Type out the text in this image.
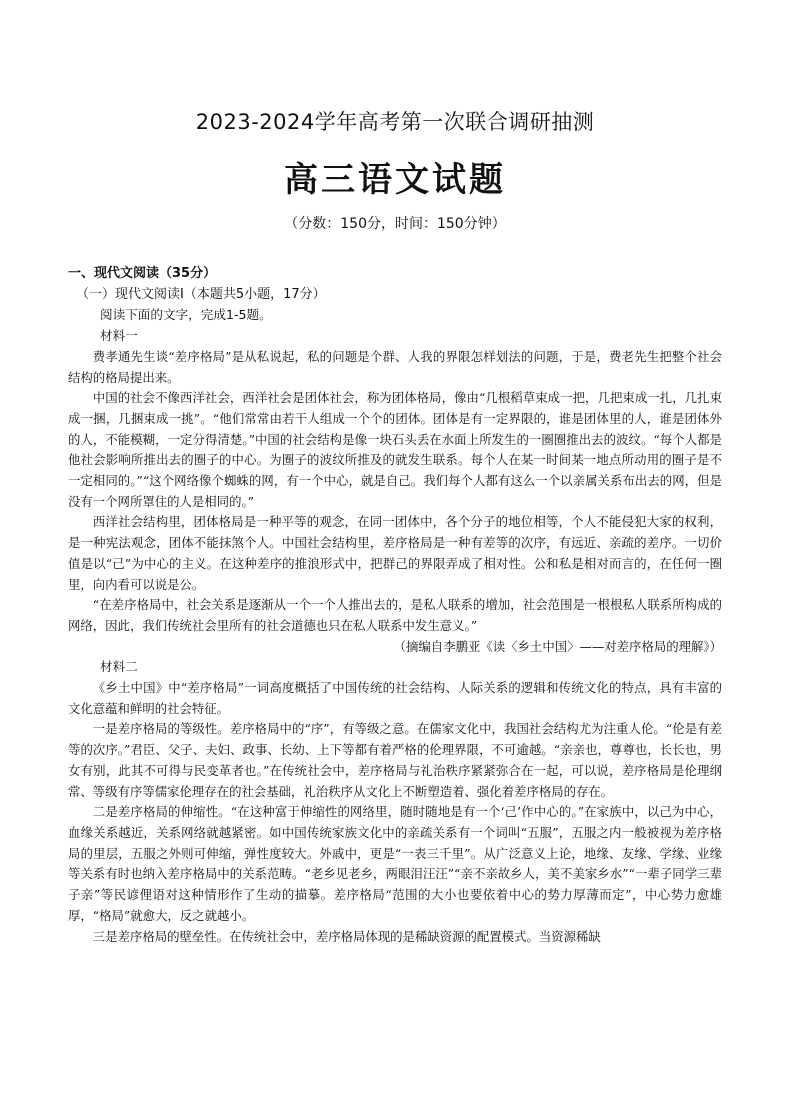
2023-2024学年高考第一次联合调研抽测
高三语文试题
（分数：150分，时间：150分钟）

一、现代文阅读（35分）

（一）现代文阅读Ⅰ（本题共5小题，17分）

阅读下面的文字，完成1-5题。

材料一

费孝通先生谈“差序格局”是从私说起，私的问题是个群、人我的界限怎样划法的问题，于是，费老先生把整个社会结构的格局提出来。

中国的社会不像西洋社会，西洋社会是团体社会，称为团体格局，像由“几根稻草束成一把，几把束成一扎，几扎束成一捆，几捆束成一挑”。“他们常常由若干人组成一个个的团体。团体是有一定界限的，谁是团体里的人，谁是团体外的人，不能模糊，一定分得清楚。”中国的社会结构是像一块石头丢在水面上所发生的一圈圈推出去的波纹。“每个人都是他社会影响所推出去的圈子的中心。为圈子的波纹所推及的就发生联系。每个人在某一时间某一地点所动用的圈子是不一定相同的。”“这个网络像个蜘蛛的网，有一个中心，就是自己。我们每个人都有这么一个以亲属关系布出去的网，但是没有一个网所罩住的人是相同的。”

西洋社会结构里，团体格局是一种平等的观念，在同一团体中，各个分子的地位相等，个人不能侵犯大家的权利，是一种宪法观念，团体不能抹煞个人。中国社会结构里，差序格局是一种有差等的次序，有远近、亲疏的差序。一切价值是以“己”为中心的主义。在这种差序的推浪形式中，把群己的界限弄成了相对性。公和私是相对而言的，在任何一圈里，向内看可以说是公。

“在差序格局中，社会关系是逐渐从一个一个人推出去的，是私人联系的增加，社会范围是一根根私人联系所构成的网络，因此，我们传统社会里所有的社会道德也只在私人联系中发生意义。”

（摘编自李鹏亚《读〈乡土中国〉——对差序格局的理解》）

材料二

《乡土中国》中“差序格局”一词高度概括了中国传统的社会结构、人际关系的逻辑和传统文化的特点，具有丰富的文化意蕴和鲜明的社会特征。

一是差序格局的等级性。差序格局中的“序”，有等级之意。在儒家文化中，我国社会结构尤为注重人伦。“伦是有差等的次序。”君臣、父子、夫妇、政事、长幼、上下等都有着严格的伦理界限，不可逾越。“亲亲也，尊尊也，长长也，男女有别，此其不可得与民变革者也。”在传统社会中，差序格局与礼治秩序紧紧弥合在一起，可以说，差序格局是伦理纲常、等级有序等儒家伦理存在的社会基础，礼治秩序从文化上不断塑造着、强化着差序格局的存在。

二是差序格局的伸缩性。“在这种富于伸缩性的网络里，随时随地是有一个‘己’作中心的。”在家族中，以己为中心，血缘关系越近，关系网络就越紧密。如中国传统家族文化中的亲疏关系有一个词叫“五服”，五服之内一般被视为差序格局的里层，五服之外则可伸缩，弹性度较大。外戚中，更是“一表三千里”。从广泛意义上论，地缘、友缘、学缘、业缘等关系有时也纳入差序格局中的关系范畴。“老乡见老乡，两眼泪汪汪”“亲不亲故乡人，美不美家乡水”“一辈子同学三辈子亲”等民谚俚语对这种情形作了生动的描摹。差序格局“范围的大小也要依着中心的势力厚薄而定”，中心势力愈雄厚，“格局”就愈大，反之就越小。

三是差序格局的壁垒性。在传统社会中，差序格局体现的是稀缺资源的配置模式。当资源稀缺
